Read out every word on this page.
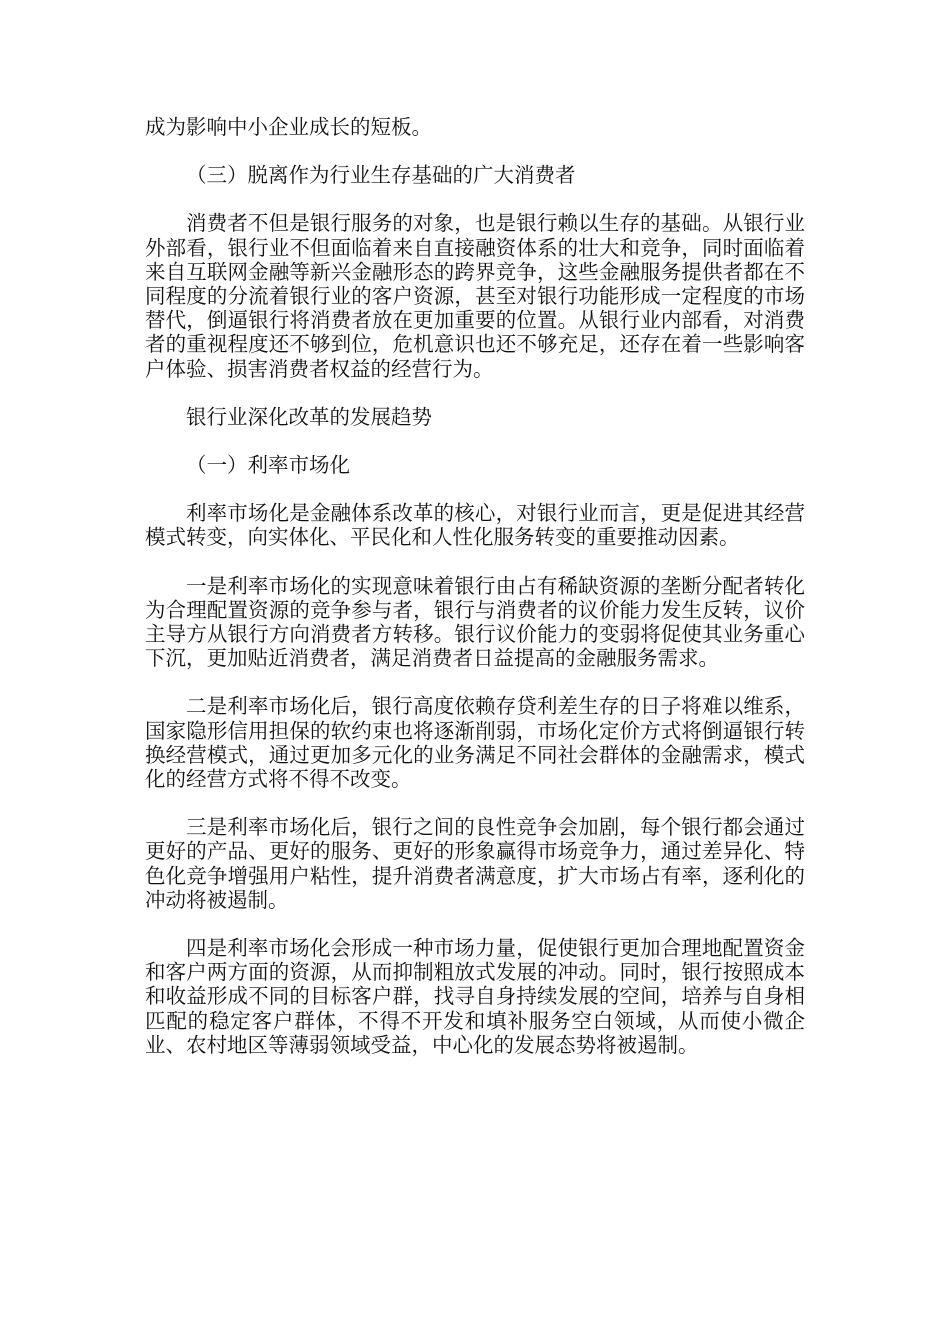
成为影响中小企业成长的短板。

（三）脱离作为行业生存基础的广大消费者

消费者不但是银行服务的对象，也是银行赖以生存的基础。从银行业外部看，银行业不但面临着来自直接融资体系的壮大和竞争，同时面临着来自互联网金融等新兴金融形态的跨界竞争，这些金融服务提供者都在不同程度的分流着银行业的客户资源，甚至对银行功能形成一定程度的市场替代，倒逼银行将消费者放在更加重要的位置。从银行业内部看，对消费者的重视程度还不够到位，危机意识也还不够充足，还存在着一些影响客户体验、损害消费者权益的经营行为。

银行业深化改革的发展趋势

（一）利率市场化

利率市场化是金融体系改革的核心，对银行业而言，更是促进其经营模式转变，向实体化、平民化和人性化服务转变的重要推动因素。

一是利率市场化的实现意味着银行由占有稀缺资源的垄断分配者转化为合理配置资源的竞争参与者，银行与消费者的议价能力发生反转，议价主导方从银行方向消费者方转移。银行议价能力的变弱将促使其业务重心下沉，更加贴近消费者，满足消费者日益提高的金融服务需求。

二是利率市场化后，银行高度依赖存贷利差生存的日子将难以维系，国家隐形信用担保的软约束也将逐渐削弱，市场化定价方式将倒逼银行转换经营模式，通过更加多元化的业务满足不同社会群体的金融需求，模式化的经营方式将不得不改变。

三是利率市场化后，银行之间的良性竞争会加剧，每个银行都会通过更好的产品、更好的服务、更好的形象赢得市场竞争力，通过差异化、特色化竞争增强用户粘性，提升消费者满意度，扩大市场占有率，逐利化的冲动将被遏制。

四是利率市场化会形成一种市场力量，促使银行更加合理地配置资金和客户两方面的资源，从而抑制粗放式发展的冲动。同时，银行按照成本和收益形成不同的目标客户群，找寻自身持续发展的空间，培养与自身相匹配的稳定客户群体，不得不开发和填补服务空白领域，从而使小微企业、农村地区等薄弱领域受益，中心化的发展态势将被遏制。
